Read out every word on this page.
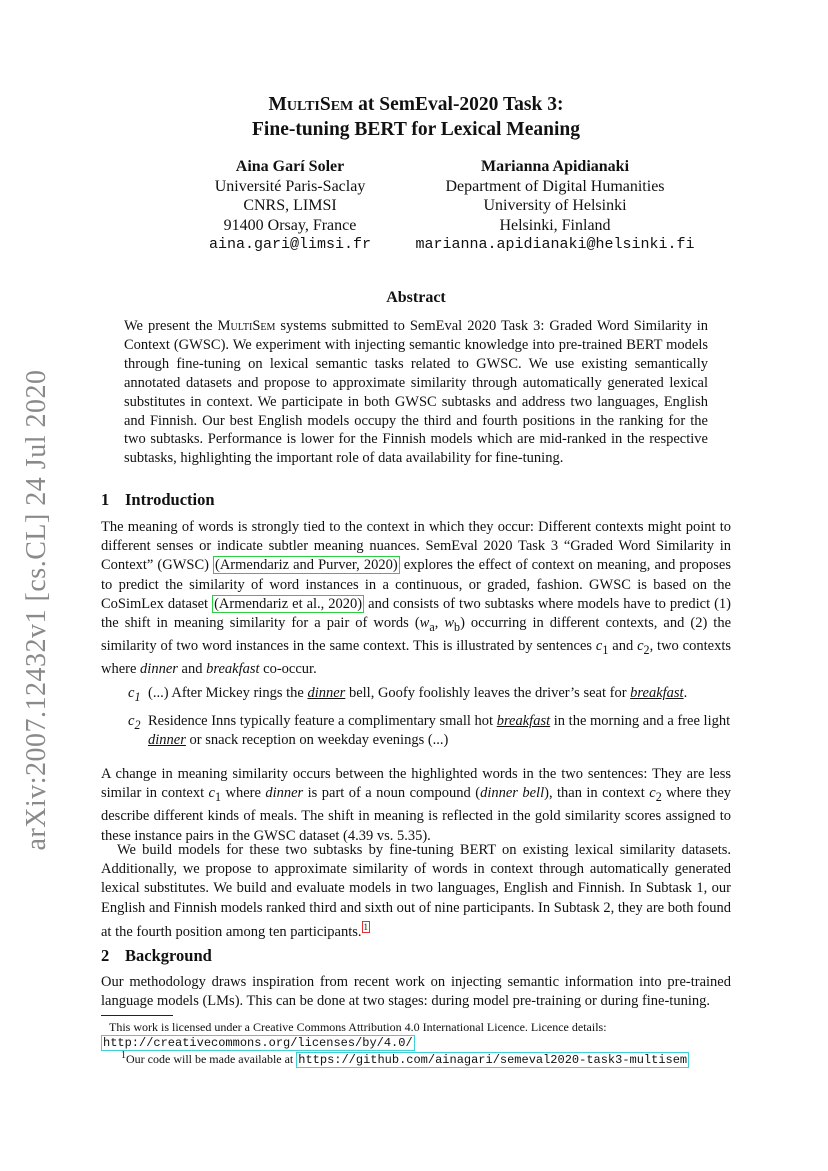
arXiv:2007.12432v1 [cs.CL] 24 Jul 2020
MultiSem at SemEval-2020 Task 3:
Fine-tuning BERT for Lexical Meaning
Aina Garí Soler
Université Paris-Saclay
CNRS, LIMSI
91400 Orsay, France
aina.gari@limsi.fr
Marianna Apidianaki
Department of Digital Humanities
University of Helsinki
Helsinki, Finland
marianna.apidianaki@helsinki.fi
Abstract
We present the MultiSem systems submitted to SemEval 2020 Task 3: Graded Word Similarity in Context (GWSC). We experiment with injecting semantic knowledge into pre-trained BERT models through fine-tuning on lexical semantic tasks related to GWSC. We use existing semantically annotated datasets and propose to approximate similarity through automatically generated lexical substitutes in context. We participate in both GWSC subtasks and address two languages, English and Finnish. Our best English models occupy the third and fourth positions in the ranking for the two subtasks. Performance is lower for the Finnish models which are mid-ranked in the respective subtasks, highlighting the important role of data availability for fine-tuning.
1 Introduction
The meaning of words is strongly tied to the context in which they occur: Different contexts might point to different senses or indicate subtler meaning nuances. SemEval 2020 Task 3 “Graded Word Similarity in Context” (GWSC) (Armendariz and Purver, 2020) explores the effect of context on meaning, and proposes to predict the similarity of word instances in a continuous, or graded, fashion. GWSC is based on the CoSimLex dataset (Armendariz et al., 2020) and consists of two subtasks where models have to predict (1) the shift in meaning similarity for a pair of words ($w_a$, $w_b$) occurring in different contexts, and (2) the similarity of two word instances in the same context. This is illustrated by sentences $c_1$ and $c_2$, two contexts where dinner and breakfast co-occur.
$c_1$ (...) After Mickey rings the dinner bell, Goofy foolishly leaves the driver’s seat for breakfast.
$c_2$ Residence Inns typically feature a complimentary small hot breakfast in the morning and a free light dinner or snack reception on weekday evenings (...)
A change in meaning similarity occurs between the highlighted words in the two sentences: They are less similar in context $c_1$ where dinner is part of a noun compound (dinner bell), than in context $c_2$ where they describe different kinds of meals. The shift in meaning is reflected in the gold similarity scores assigned to these instance pairs in the GWSC dataset (4.39 vs. 5.35).
We build models for these two subtasks by fine-tuning BERT on existing lexical similarity datasets. Additionally, we propose to approximate similarity of words in context through automatically generated lexical substitutes. We build and evaluate models in two languages, English and Finnish. In Subtask 1, our English and Finnish models ranked third and sixth out of nine participants. In Subtask 2, they are both found at the fourth position among ten participants. $^1$
2 Background
Our methodology draws inspiration from recent work on injecting semantic information into pre-trained language models (LMs). This can be done at two stages: during model pre-training or during fine-tuning.
This work is licensed under a Creative Commons Attribution 4.0 International Licence. Licence details: http://creativecommons.org/licenses/by/4.0/
$^1$Our code will be made available at https://github.com/ainagari/semeval2020-task3-multisem
